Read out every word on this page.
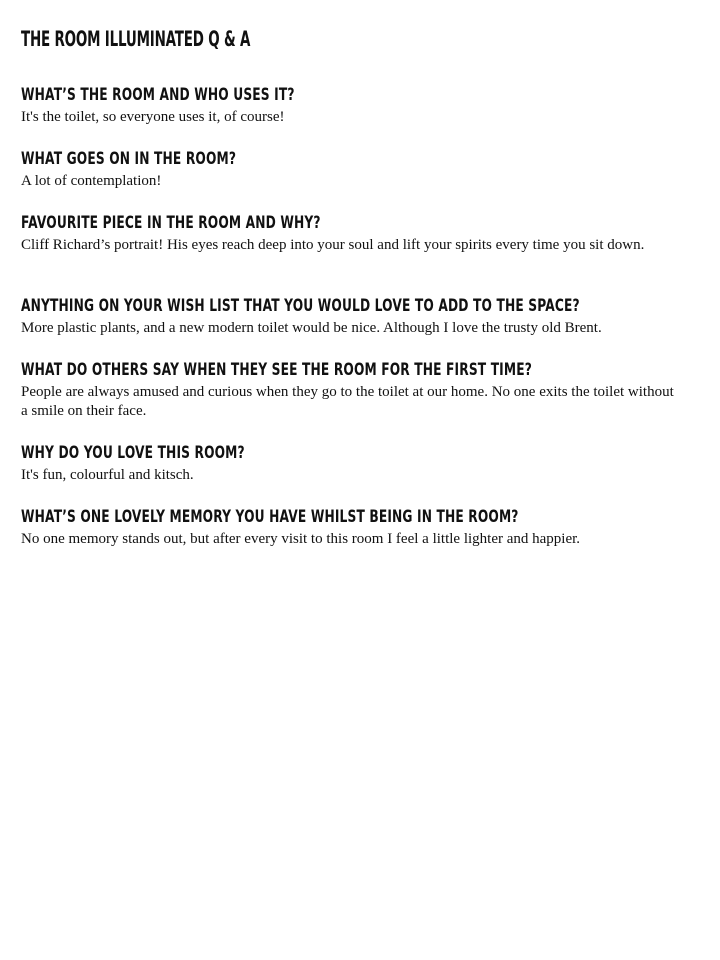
THE ROOM ILLUMINATED Q & A

WHAT’S THE ROOM AND WHO USES IT?

It's the toilet, so everyone uses it, of course!

WHAT GOES ON IN THE ROOM?

A lot of contemplation!

FAVOURITE PIECE IN THE ROOM AND WHY?

Cliff Richard’s portrait! His eyes reach deep into your soul and lift your spirits every time you sit down.

ANYTHING ON YOUR WISH LIST THAT YOU WOULD LOVE TO ADD TO THE SPACE?

More plastic plants, and a new modern toilet would be nice. Although I love the trusty old Brent.

WHAT DO OTHERS SAY WHEN THEY SEE THE ROOM FOR THE FIRST TIME?

People are always amused and curious when they go to the toilet at our home. No one exits the toilet without a smile on their face.

WHY DO YOU LOVE THIS ROOM?

It's fun, colourful and kitsch.

WHAT’S ONE LOVELY MEMORY YOU HAVE WHILST BEING IN THE ROOM?

No one memory stands out, but after every visit to this room I feel a little lighter and happier.
